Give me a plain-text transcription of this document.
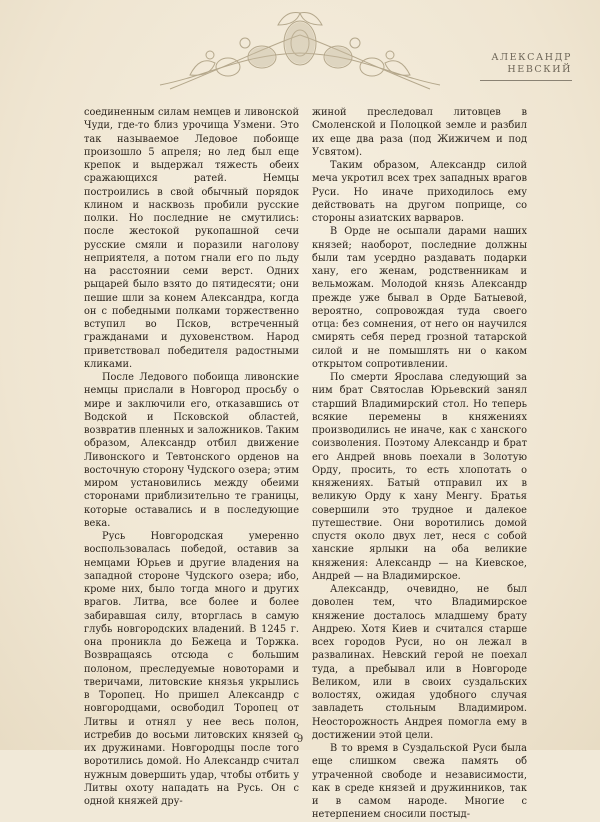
АЛЕКСАНДР
НЕВСКИЙ

соединенным силам немцев и ливонской Чуди, где-то близ урочища Узмени. Это так называемое Ледовое побоище произошло 5 апреля; но лед был еще крепок и выдержал тяжесть обеих сражающихся ратей. Немцы построились в свой обычный порядок клином и насквозь пробили русские полки. Но последние не смутились: после жестокой рукопашной сечи русские смяли и поразили наголову неприятеля, а потом гнали его по льду на расстоянии семи верст. Одних рыцарей было взято до пятидесяти; они пешие шли за конем Александра, когда он с победными полками торжественно вступил во Псков, встреченный гражданами и духовенством. Народ приветствовал победителя радостными кликами.

После Ледового побоища ливонские немцы прислали в Новгород просьбу о мире и заключили его, отказавшись от Водской и Псковской областей, возвратив пленных и заложников. Таким образом, Александр отбил движение Ливонского и Тевтонского орденов на восточную сторону Чудского озера; этим миром установились между обеими сторонами приблизительно те границы, которые оставались и в последующие века.

Русь Новгородская умеренно воспользовалась победой, оставив за немцами Юрьев и другие владения на западной стороне Чудского озера; ибо, кроме них, было тогда много и других врагов. Литва, все более и более забиравшая силу, вторглась в самую глубь новгородских владений. В 1245 г. она проникла до Бежеца и Торжка. Возвращаясь отсюда с большим полоном, преследуемые новоторами и тверичами, литовские князья укрылись в Торопец. Но пришел Александр с новгородцами, освободил Торопец от Литвы и отнял у нее весь полон, истребив до восьми литовских князей с их дружинами. Новгородцы после того воротились домой. Но Александр считал нужным довершить удар, чтобы отбить у Литвы охоту нападать на Русь. Он с одной княжей дру-

жиной преследовал литовцев в Смоленской и Полоцкой земле и разбил их еще два раза (под Жижичем и под Усвятом).

Таким образом, Александр силой меча укротил всех трех западных врагов Руси. Но иначе приходилось ему действовать на другом поприще, со стороны азиатских варваров.

В Орде не осыпали дарами наших князей; наоборот, последние должны были там усердно раздавать подарки хану, его женам, родственникам и вельможам. Молодой князь Александр прежде уже бывал в Орде Батыевой, вероятно, сопровождая туда своего отца: без сомнения, от него он научился смирять себя перед грозной татарской силой и не помышлять ни о каком открытом сопротивлении.

По смерти Ярослава следующий за ним брат Святослав Юрьевский занял старший Владимирский стол. Но теперь всякие перемены в княжениях производились не иначе, как с ханского соизволения. Поэтому Александр и брат его Андрей вновь поехали в Золотую Орду, просить, то есть хлопотать о княжениях. Батый отправил их в великую Орду к хану Менгу. Братья совершили это трудное и далекое путешествие. Они воротились домой спустя около двух лет, неся с собой ханские ярлыки на оба великие княжения: Александр — на Киевское, Андрей — на Владимирское.

Александр, очевидно, не был доволен тем, что Владимирское княжение досталось младшему брату Андрею. Хотя Киев и считался старше всех городов Руси, но он лежал в развалинах. Невский герой не поехал туда, а пребывал или в Новгороде Великом, или в своих суздальских волостях, ожидая удобного случая завладеть стольным Владимиром. Неосторожность Андрея помогла ему в достижении этой цели.

В то время в Суздальской Руси была еще слишком свежа память об утраченной свободе и независимости, как в среде князей и дружинников, так и в самом народе. Многие с нетерпением сносили постыд-

9
